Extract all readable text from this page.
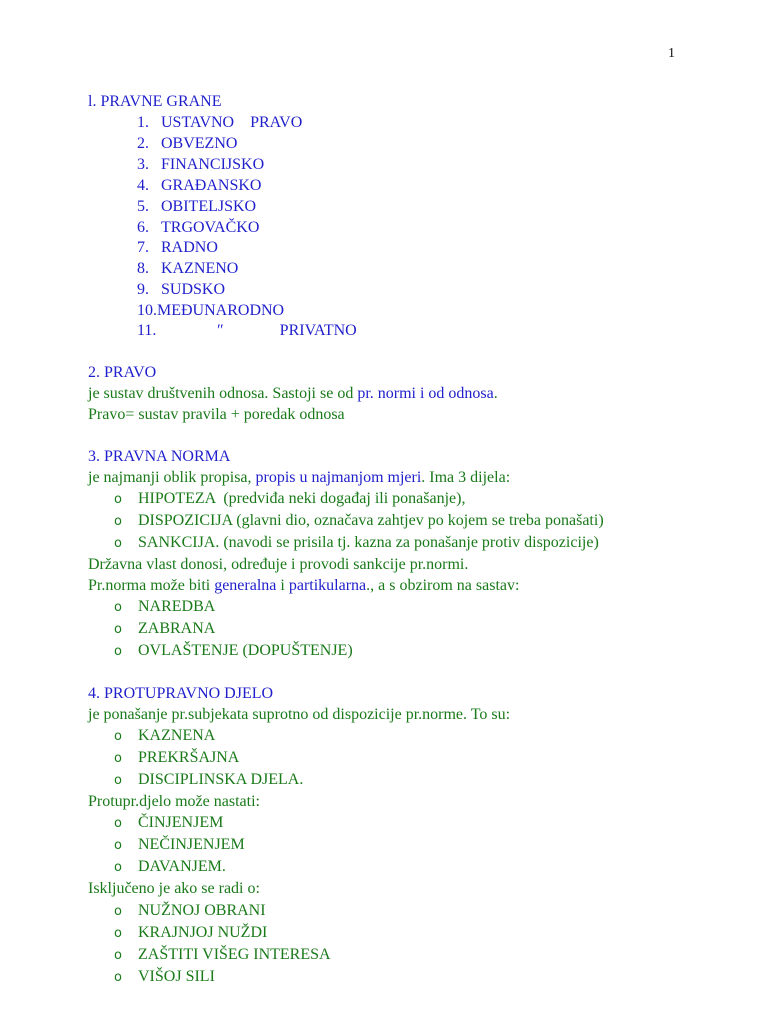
1
l. PRAVNE GRANE
1. USTAVNO    PRAVO
2. OBVEZNO
3. FINANCIJSKO
4. GRAĐANSKO
5. OBITELJSKO
6. TRGOVAČKO
7. RADNO
8. KAZNENO
9. SUDSKO
10.MEĐUNARODNO
11.              ″              PRIVATNO
2. PRAVO
je sustav društvenih odnosa. Sastoji se od pr. normi i od odnosa.
Pravo= sustav pravila + poredak odnosa
3. PRAVNA NORMA
je najmanji oblik propisa, propis u najmanjom mjeri. Ima 3 dijela:
o HIPOTEZA  (predviđa neki događaj ili ponašanje),
o DISPOZICIJA (glavni dio, označava zahtjev po kojem se treba ponašati)
o SANKCIJA. (navodi se prisila tj. kazna za ponašanje protiv dispozicije)
Državna vlast donosi, određuje i provodi sankcije pr.normi.
Pr.norma može biti generalna i partikularna., a s obzirom na sastav:
o NAREDBA
o ZABRANA
o OVLAŠTENJE (DOPUŠTENJE)
4. PROTUPRAVNO DJELO
je ponašanje pr.subjekata suprotno od dispozicije pr.norme. To su:
o KAZNENA
o PREKRŠAJNA
o DISCIPLINSKA DJELA.
Protupr.djelo može nastati:
o ČINJENJEM
o NEČINJENJEM
o DAVANJEM.
Isključeno je ako se radi o:
o NUŽNOJ OBRANI
o KRAJNJOJ NUŽDI
o ZAŠTITI VIŠEG INTERESA
o VIŠOJ SILI
